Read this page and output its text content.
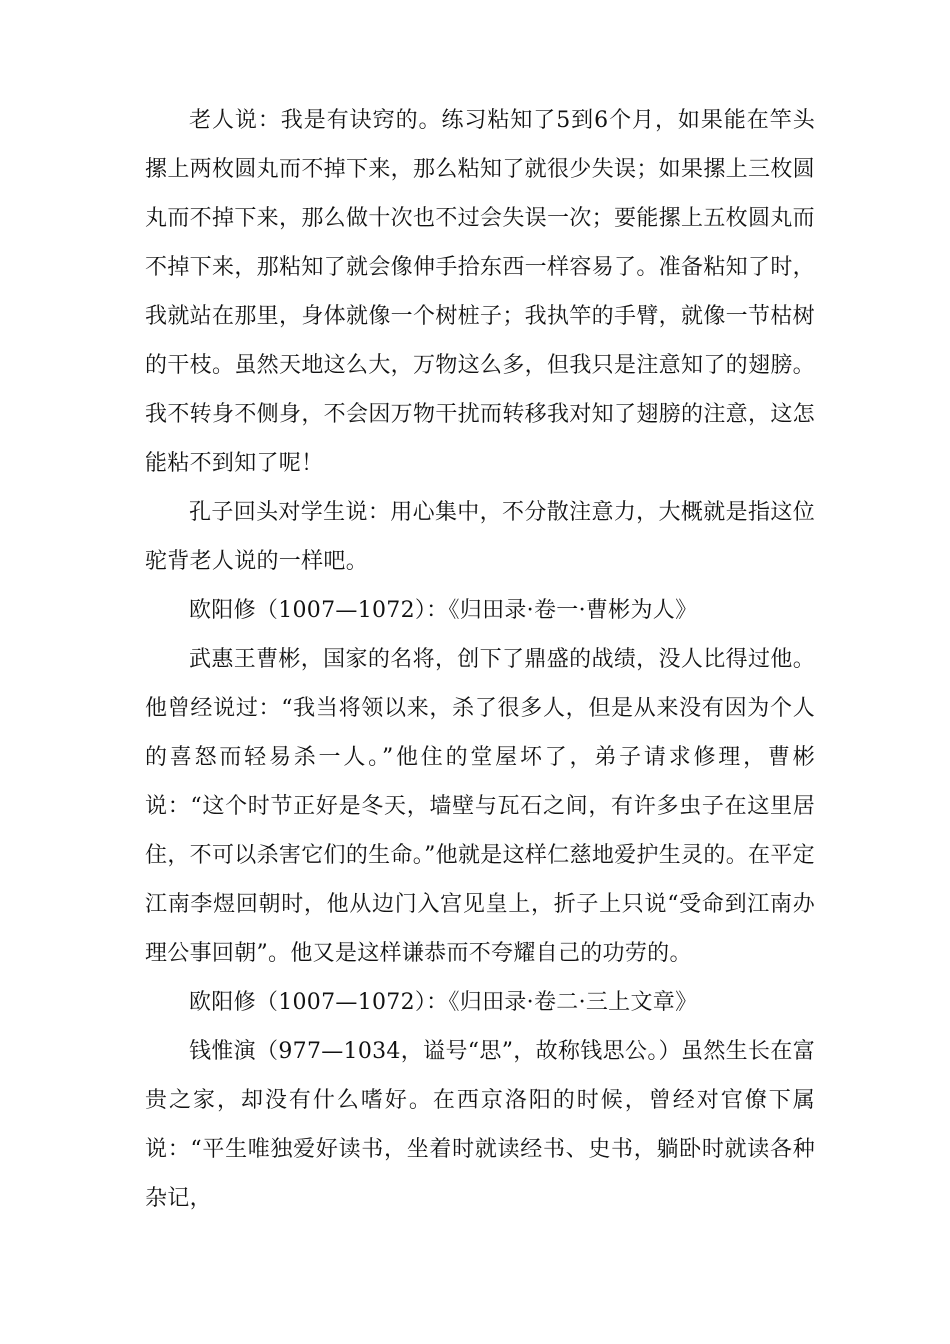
老人说：我是有诀窍的。练习粘知了5到6个月，如果能在竿头摞上两枚圆丸而不掉下来，那么粘知了就很少失误；如果摞上三枚圆丸而不掉下来，那么做十次也不过会失误一次；要能摞上五枚圆丸而不掉下来，那粘知了就会像伸手拾东西一样容易了。准备粘知了时，我就站在那里，身体就像一个树桩子；我执竿的手臂，就像一节枯树的干枝。虽然天地这么大，万物这么多，但我只是注意知了的翅膀。我不转身不侧身，不会因万物干扰而转移我对知了翅膀的注意，这怎能粘不到知了呢！

孔子回头对学生说：用心集中，不分散注意力，大概就是指这位驼背老人说的一样吧。

欧阳修（1007—1072）：《归田录·卷一·曹彬为人》

武惠王曹彬，国家的名将，创下了鼎盛的战绩，没人比得过他。他曾经说过：“我当将领以来，杀了很多人，但是从来没有因为个人的喜怒而轻易杀一人。”他住的堂屋坏了，弟子请求修理，曹彬说：“这个时节正好是冬天，墙壁与瓦石之间，有许多虫子在这里居住，不可以杀害它们的生命。”他就是这样仁慈地爱护生灵的。在平定江南李煜回朝时，他从边门入宫见皇上，折子上只说“受命到江南办理公事回朝”。他又是这样谦恭而不夸耀自己的功劳的。

欧阳修（1007—1072）：《归田录·卷二·三上文章》

钱惟演（977—1034，谥号“思”，故称钱思公。）虽然生长在富贵之家，却没有什么嗜好。在西京洛阳的时候，曾经对官僚下属说：“平生唯独爱好读书，坐着时就读经书、史书，躺卧时就读各种杂记，
